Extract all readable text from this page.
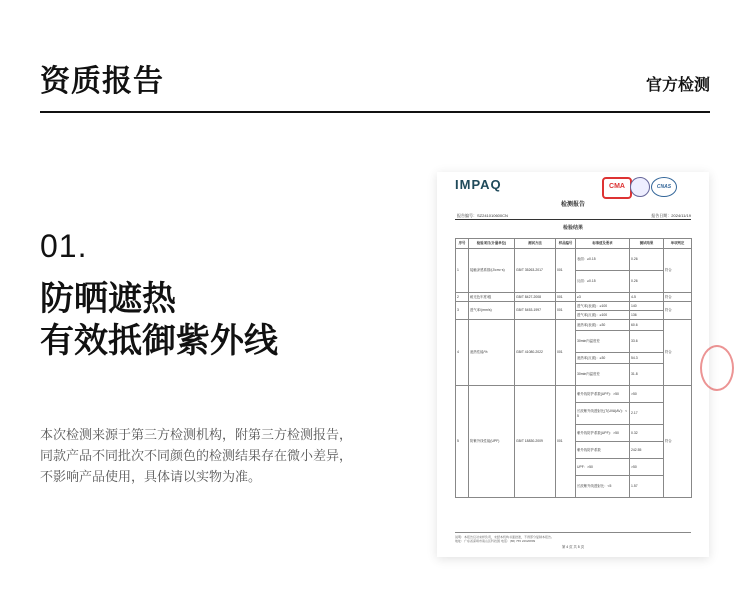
资质报告	官方检测
01.
防晒遮热
有效抵御紫外线
本次检测来源于第三方检测机构，附第三方检测报告，
同款产品不同批次不同颜色的检测结果存在微小差异，
不影响产品使用，具体请以实物为准。
IMPAQ	CMA	CNAS
检测报告
报告编号：SZ241010600CN	报告日期：2024/11/19
检验结果
序号	检验项目(计量单位)	测试方法	样品编号	标准值及要求	测试结果	单项判定
1	接触凉感系数/(J/cm²·s)	GB/T 35263-2017	001	表面：≥0.15	0.26	符合
				反面：≥0.15	0.26	
2	耐光色牢度/级	GB/T 8427-2008	001	≥3	4-5	符合
3	透气率/(mm/s)	GB/T 5453-1997	001	透气率(表面)：≥100	140	符合
				透气率(反面)：≥100	136	
4	遮热性能/%	GB/T 41080-2022	001	遮热率(表面)：≥30	60.6	符合
				30min内温度差	33.6	
				遮热率(反面)：≥30	54.3	
				30min内温度差	31.8	
5	防紫外线性能(UPF)	GB/T 18830-2009	001	紫外线防护系数(UPF)：>50	>50	符合
				长波紫外线透射比(T(UVA)AV)：<5	2.17	
				紫外线防护系数(UPF)：>50	0.32	
				紫外线防护系数	242.55	
				UPF：>50	>50	
				长波紫外线透射比：<5	1.57	
说明：本报告仅对来样负责，未经本机构书面批准，不得部分复制本报告。
地址：广东省深圳市南山区科技园 电话：(86) 755 22920899
第 4 页 共 5 页
